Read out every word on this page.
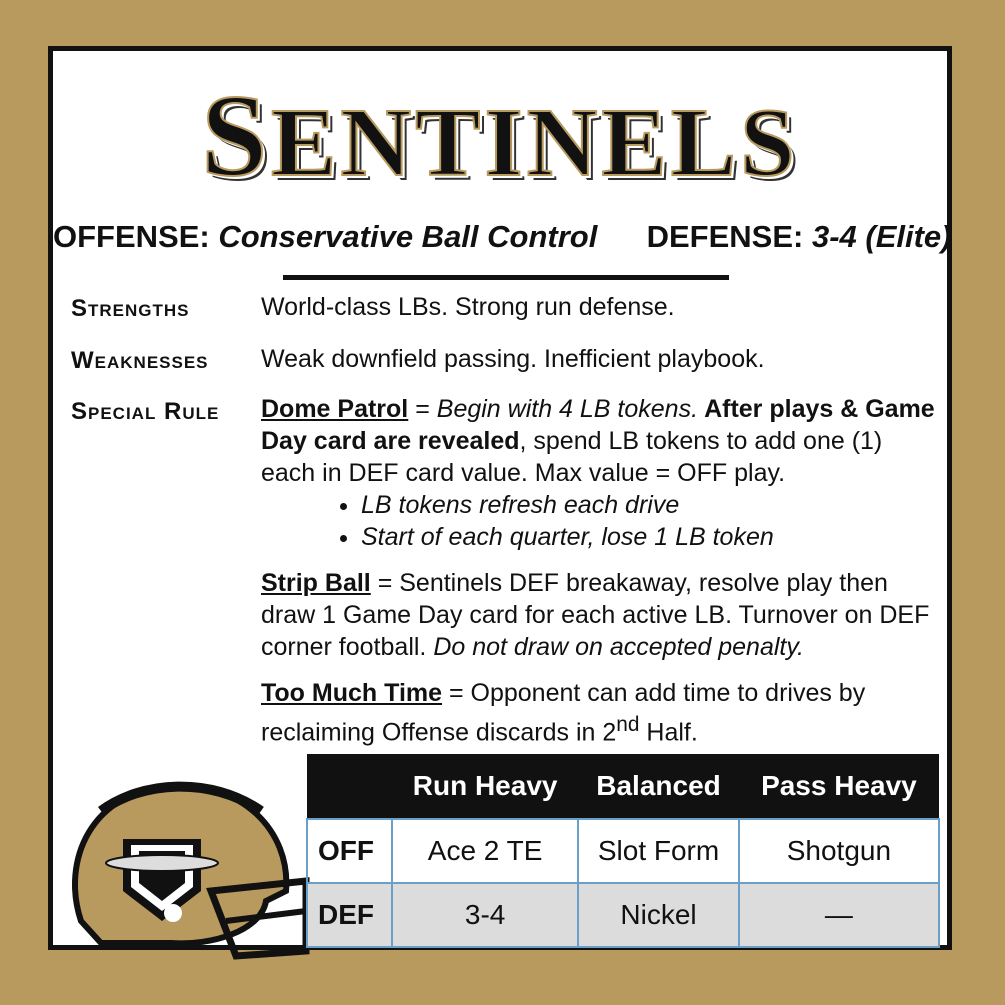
SENTINELS
OFFENSE: Conservative Ball Control DEFENSE: 3-4 (Elite)
Strengths	World-class LBs. Strong run defense.
Weaknesses Weak downfield passing. Inefficient playbook.
Special Rule Dome Patrol = Begin with 4 LB tokens. After plays & Game Day card are revealed, spend LB tokens to add one (1) each in DEF card value. Max value = OFF play.

• LB tokens refresh each drive
• Start of each quarter, lose 1 LB token

Strip Ball = Sentinels DEF breakaway, resolve play then draw 1 Game Day card for each active LB. Turnover on DEF corner football. Do not draw on accepted penalty.

Too Much Time = Opponent can add time to drives by reclaiming Offense discards in 2nd Half.

	Run Heavy	Balanced	Pass Heavy
OFF	Ace 2 TE	Slot Form	Shotgun
DEF	3-4	Nickel	—
